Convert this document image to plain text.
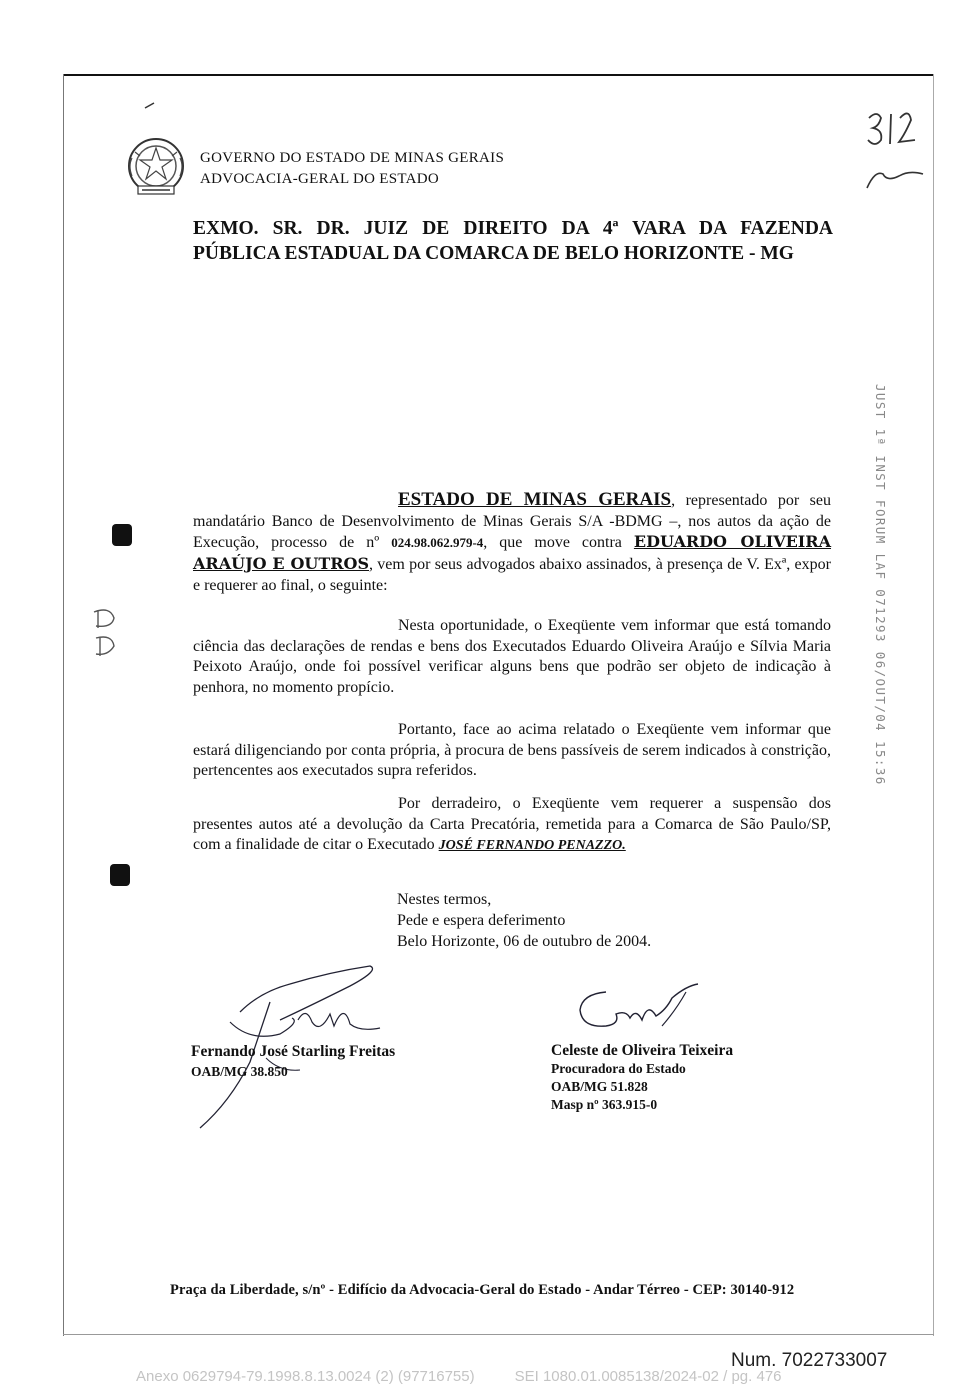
GOVERNO DO ESTADO DE MINAS GERAIS
ADVOCACIA-GERAL DO ESTADO
EXMO. SR. DR. JUIZ DE DIREITO DA 4ª VARA DA FAZENDA
PÚBLICA ESTADUAL DA COMARCA DE BELO HORIZONTE - MG
JUST 1ª INST FORUM LAF 071293 06/OUT/04 15:36
ESTADO DE MINAS GERAIS, representado por seu mandatário Banco de Desenvolvimento de Minas Gerais S/A -BDMG –, nos autos da ação de Execução, processo de nº 024.98.062.979-4, que move contra EDUARDO OLIVEIRA ARAÚJO E OUTROS, vem por seus advogados abaixo assinados, à presença de V. Exª, expor e requerer ao final, o seguinte:
Nesta oportunidade, o Exeqüente vem informar que está tomando ciência das declarações de rendas e bens dos Executados Eduardo Oliveira Araújo e Sílvia Maria Peixoto Araújo, onde foi possível verificar alguns bens que podrão ser objeto de indicação à penhora, no momento propício.
Portanto, face ao acima relatado o Exeqüente vem informar que estará diligenciando por conta própria, à procura de bens passíveis de serem indicados à constrição, pertencentes aos executados supra referidos.
Por derradeiro, o Exeqüente vem requerer a suspensão dos presentes autos até a devolução da Carta Precatória, remetida para a Comarca de São Paulo/SP, com a finalidade de citar o Executado JOSÉ FERNANDO PENAZZO.
Nestes termos,
Pede e espera deferimento
Belo Horizonte, 06 de outubro de 2004.
Fernando José Starling Freitas
OAB/MG 38.850
Celeste de Oliveira Teixeira
Procuradora do Estado
OAB/MG 51.828
Masp nº 363.915-0
Praça da Liberdade, s/nº - Edifício da Advocacia-Geral do Estado - Andar Térreo - CEP: 30140-912
Num. 7022733007
Anexo 0629794-79.1998.8.13.0024 (2) (97716755)	SEI 1080.01.0085138/2024-02 / pg. 476
